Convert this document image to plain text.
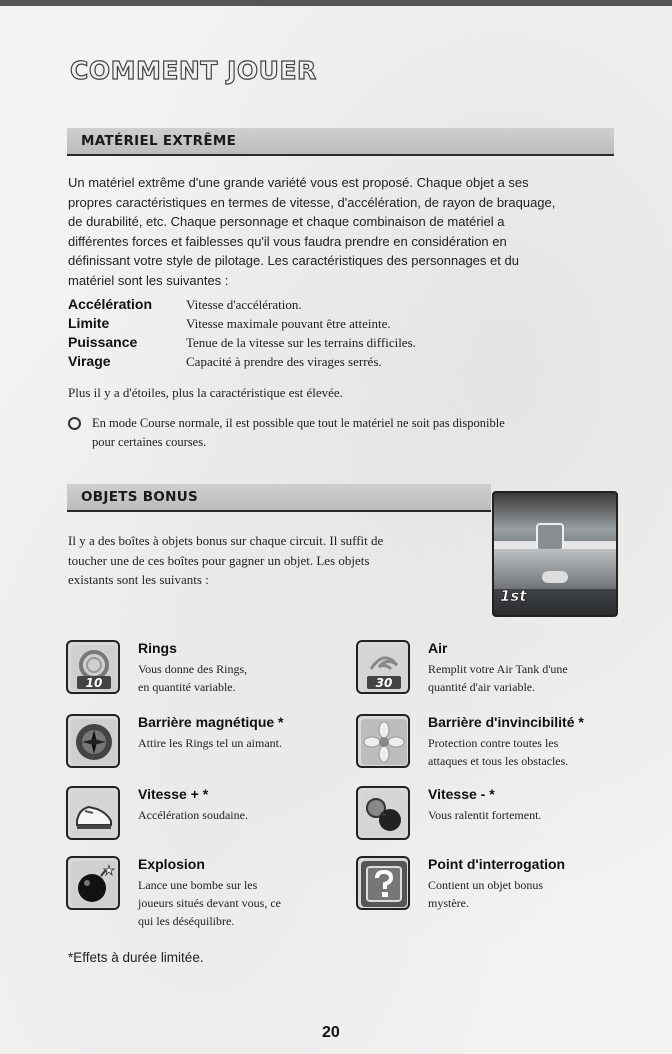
COMMENT JOUER
MATÉRIEL EXTRÊME
Un matériel extrême d'une grande variété vous est proposé. Chaque objet a ses
propres caractéristiques en termes de vitesse, d'accélération, de rayon de braquage,
de durabilité, etc. Chaque personnage et chaque combinaison de matériel a
différentes forces et faiblesses qu'il vous faudra prendre en considération en
définissant votre style de pilotage. Les caractéristiques des personnages et du
matériel sont les suivantes :
Accélération	Vitesse d'accélération.
Limite	Vitesse maximale pouvant être atteinte.
Puissance	Tenue de la vitesse sur les terrains difficiles.
Virage	Capacité à prendre des virages serrés.
Plus il y a d'étoiles, plus la caractéristique est élevée.
En mode Course normale, il est possible que tout le matériel ne soit pas disponible
pour certaines courses.
OBJETS BONUS
1st
Il y a des boîtes à objets bonus sur chaque circuit. Il suffit de
toucher une de ces boîtes pour gagner un objet. Les objets
existants sont les suivants :
10
Rings
Vous donne des Rings,
en quantité variable.	30
Air
Remplit votre Air Tank d'une
quantité d'air variable.
Barrière magnétique *
Attire les Rings tel un aimant.
Barrière d'invincibilité *
Protection contre toutes les
attaques et tous les obstacles.
Vitesse + *
Accélération soudaine.
Vitesse - *
Vous ralentit fortement.
Explosion
Lance une bombe sur les
joueurs situés devant vous, ce
qui les déséquilibre.
Point d'interrogation
Contient un objet bonus
mystère.
*Effets à durée limitée.
20
